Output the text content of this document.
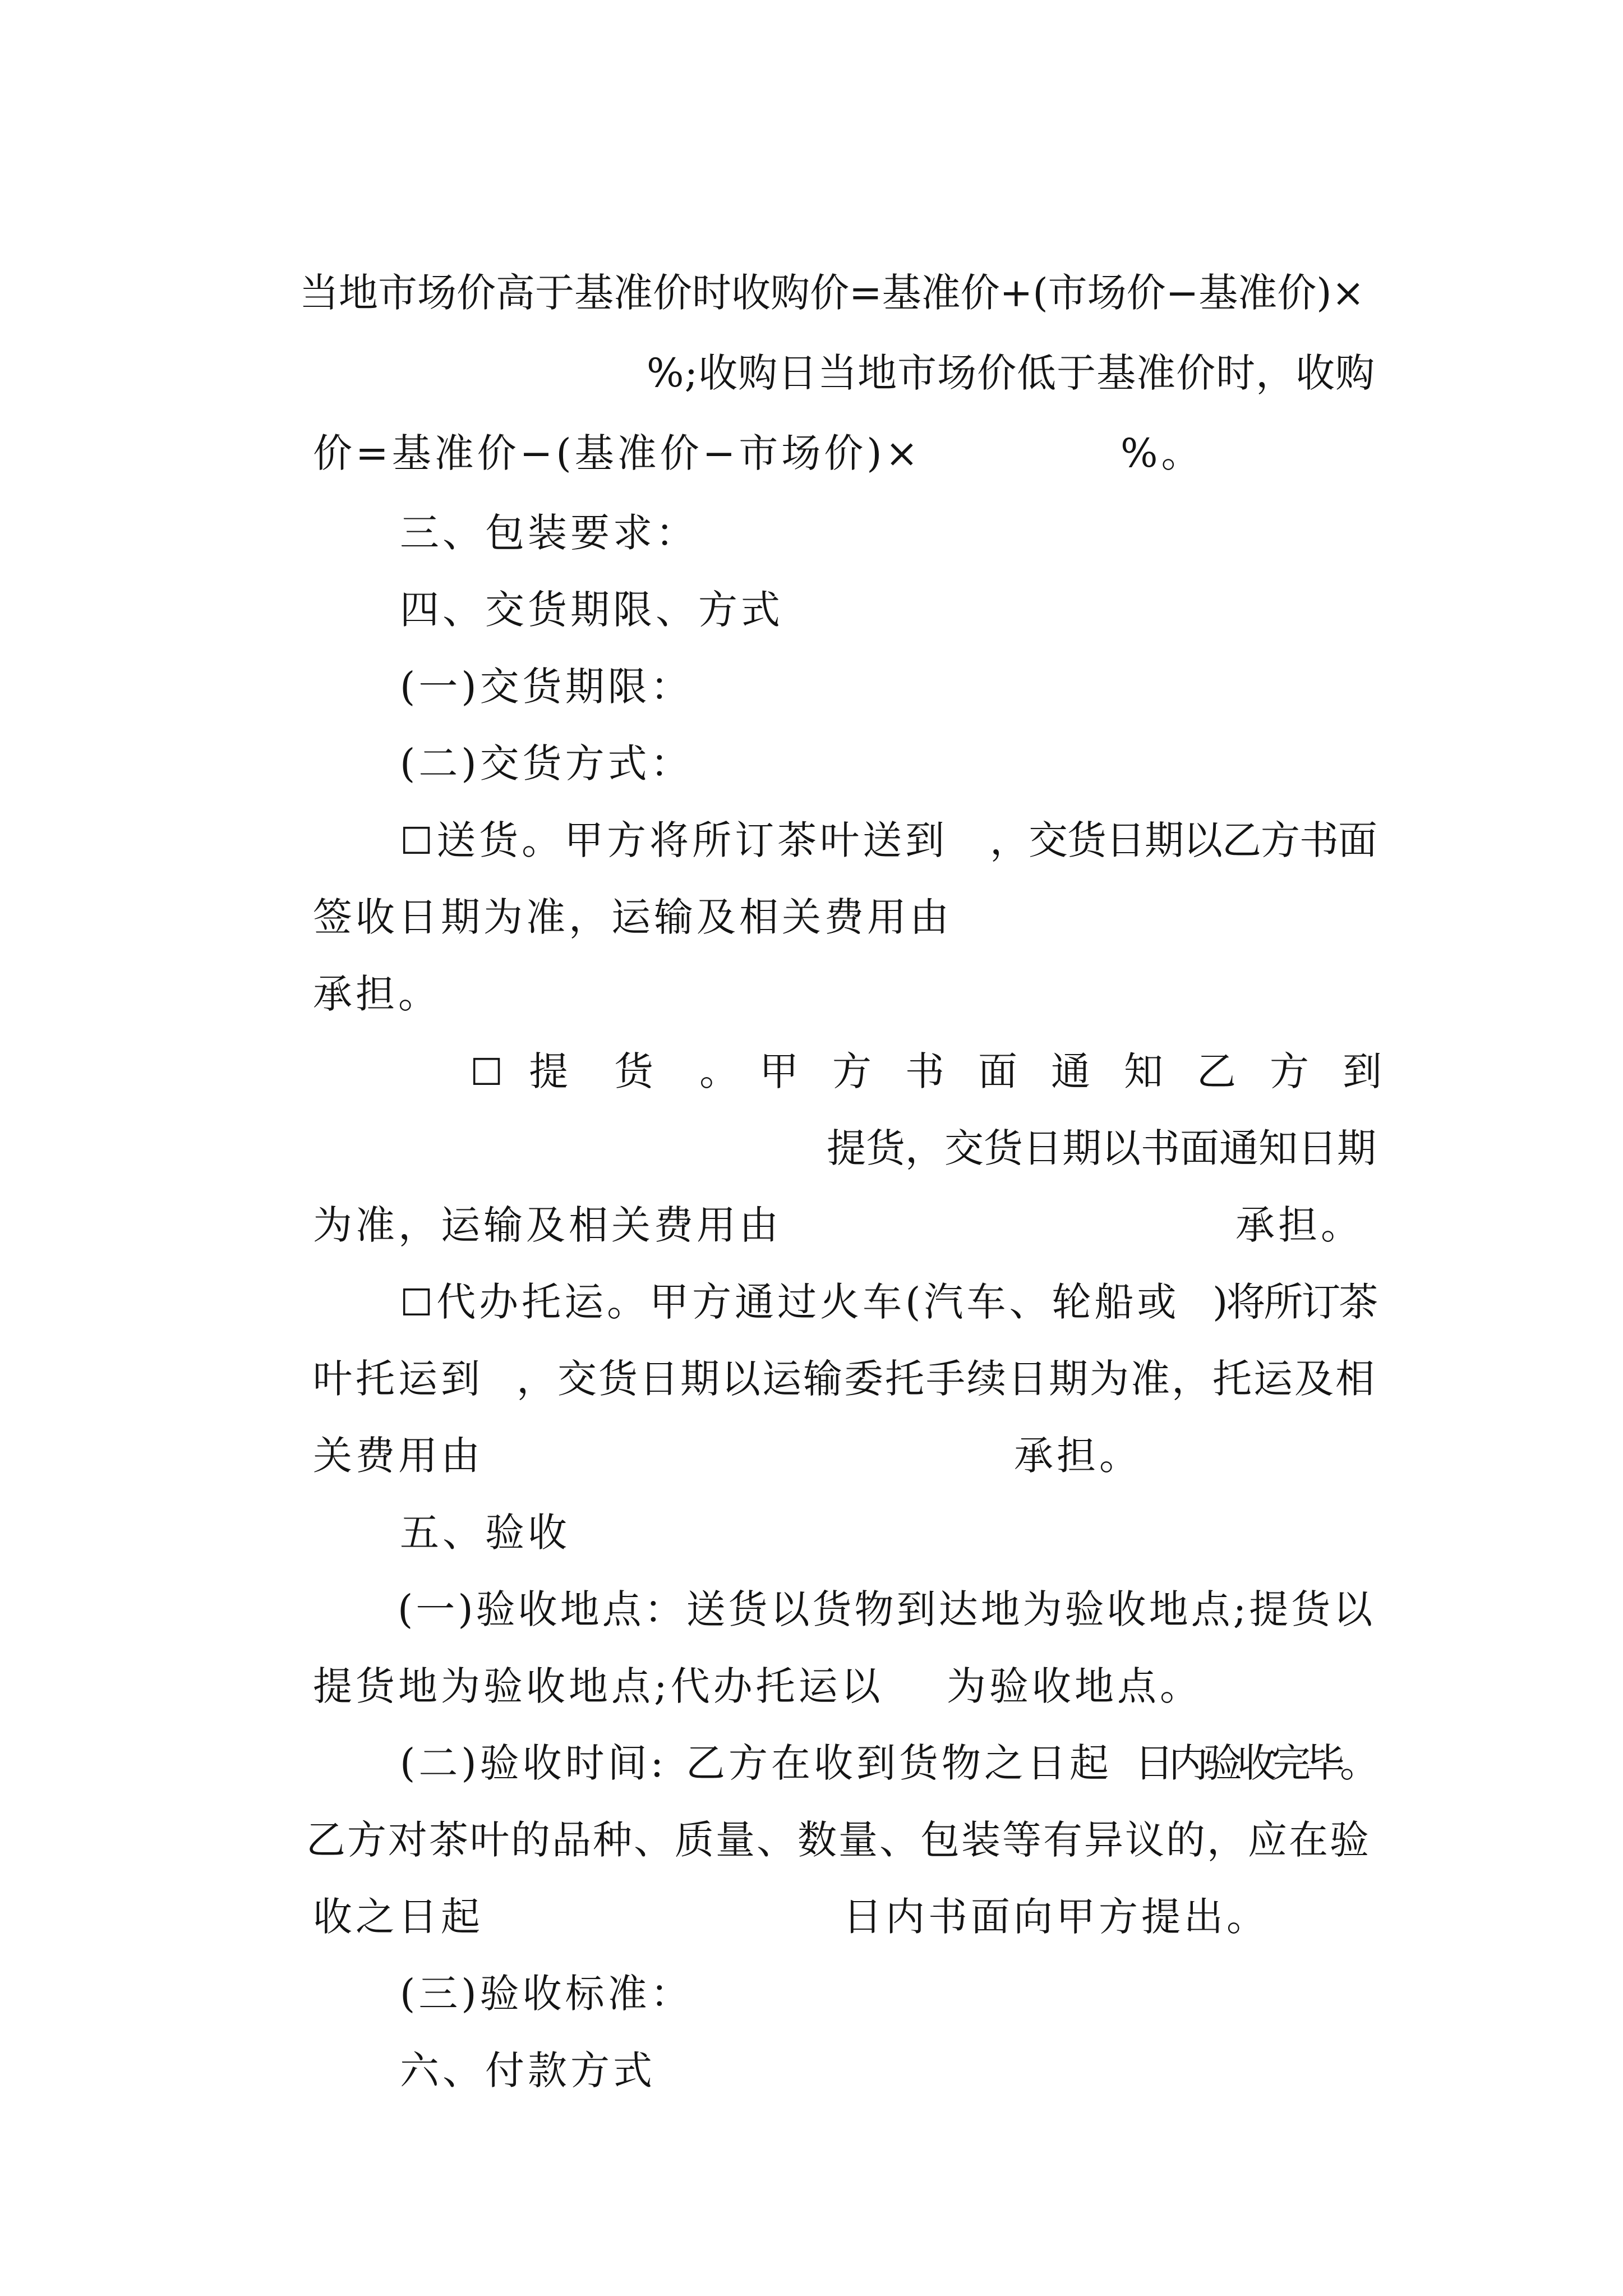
当地市场价高于基准价时收购价=基准价+(市场价−基准价)×

%;收购日当地市场价低于基准价时，收购

价=基准价−(基准价−市场价)×
	%。

三、包装要求：

四、交货期限、方式

(一)交货期限：

(二)交货方式：

☐送货。甲方将所订茶叶送到
	，交货日期以乙方书面

签收日期为准，运输及相关费用由

承担。

☐ 提　货　。
甲　方　书　面　通　知　乙　方　到

提货，交货日期以书面通知日期

为准，运输及相关费用由
	承担。

☐代办托运。甲方通过火车(汽车、轮船或
)将所订茶

叶托运到
，交货日期以运输委托手续日期为准，托运及相

关费用由
	承担。

五、验收

(一)验收地点：送货以货物到达地为验收地点;提货以

提货地为验收地点;代办托运以
	为验收地点。

(二)验收时间:
乙方在收到货物之日起
日内验收完毕。

乙方对茶叶的品种、质量、数量、包装等有异议的，应在验

收之日起
	日内书面向甲方提出。

(三)验收标准：

六、付款方式
